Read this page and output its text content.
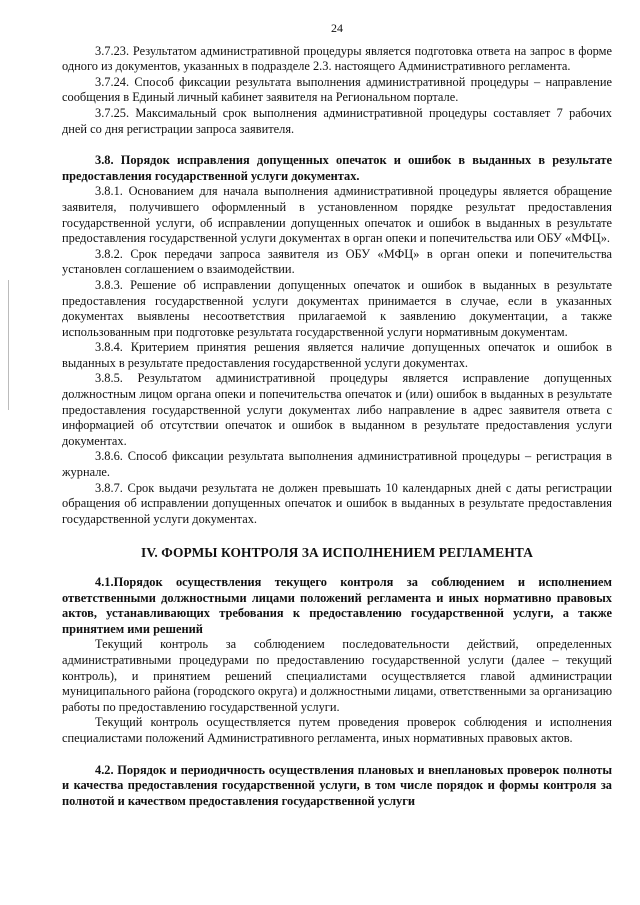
24

3.7.23. Результатом административной процедуры является подготовка ответа на запрос в форме одного из документов, указанных в подразделе 2.3. настоящего Административного регламента.

3.7.24. Способ фиксации результата выполнения административной процедуры – направление сообщения в Единый личный кабинет заявителя на Региональном портале.

3.7.25. Максимальный срок выполнения административной процедуры составляет 7 рабочих дней со дня регистрации запроса заявителя.

3.8. Порядок исправления допущенных опечаток и ошибок в выданных в результате предоставления государственной услуги документах.

3.8.1. Основанием для начала выполнения административной процедуры является обращение заявителя, получившего оформленный в установленном порядке результат предоставления государственной услуги, об исправлении допущенных опечаток и ошибок в выданных в результате предоставления государственной услуги документах в орган опеки и попечительства или ОБУ «МФЦ».

3.8.2. Срок передачи запроса заявителя из ОБУ «МФЦ» в орган опеки и попечительства установлен соглашением о взаимодействии.

3.8.3. Решение об исправлении допущенных опечаток и ошибок в выданных в результате предоставления государственной услуги документах принимается в случае, если в указанных документах выявлены несоответствия прилагаемой к заявлению документации, а также использованным при подготовке результата государственной услуги нормативным документам.

3.8.4. Критерием принятия решения является наличие допущенных опечаток и ошибок в выданных в результате предоставления государственной услуги документах.

3.8.5. Результатом административной процедуры является исправление допущенных должностным лицом органа опеки и попечительства опечаток и (или) ошибок в выданных в результате предоставления государственной услуги документах либо направление в адрес заявителя ответа с информацией об отсутствии опечаток и ошибок в выданном в результате предоставления услуги документах.

3.8.6. Способ фиксации результата выполнения административной процедуры – регистрация в журнале.

3.8.7. Срок выдачи результата не должен превышать 10 календарных дней с даты регистрации обращения об исправлении допущенных опечаток и ошибок в выданных в результате предоставления государственной услуги документах.

IV. ФОРМЫ КОНТРОЛЯ ЗА ИСПОЛНЕНИЕМ РЕГЛАМЕНТА

4.1.Порядок осуществления текущего контроля за соблюдением и исполнением ответственными должностными лицами положений регламента и иных нормативно правовых актов, устанавливающих требования к предоставлению государственной услуги, а также принятием ими решений

Текущий контроль за соблюдением последовательности действий, определенных административными процедурами по предоставлению государственной услуги (далее – текущий контроль), и принятием решений специалистами осуществляется главой администрации муниципального района (городского округа) и должностными лицами, ответственными за организацию работы по предоставлению государственной услуги.

Текущий контроль осуществляется путем проведения проверок соблюдения и исполнения специалистами положений Административного регламента, иных нормативных правовых актов.

4.2. Порядок и периодичность осуществления плановых и внеплановых проверок полноты и качества предоставления государственной услуги, в том числе порядок и формы контроля за полнотой и качеством предоставления государственной услуги
